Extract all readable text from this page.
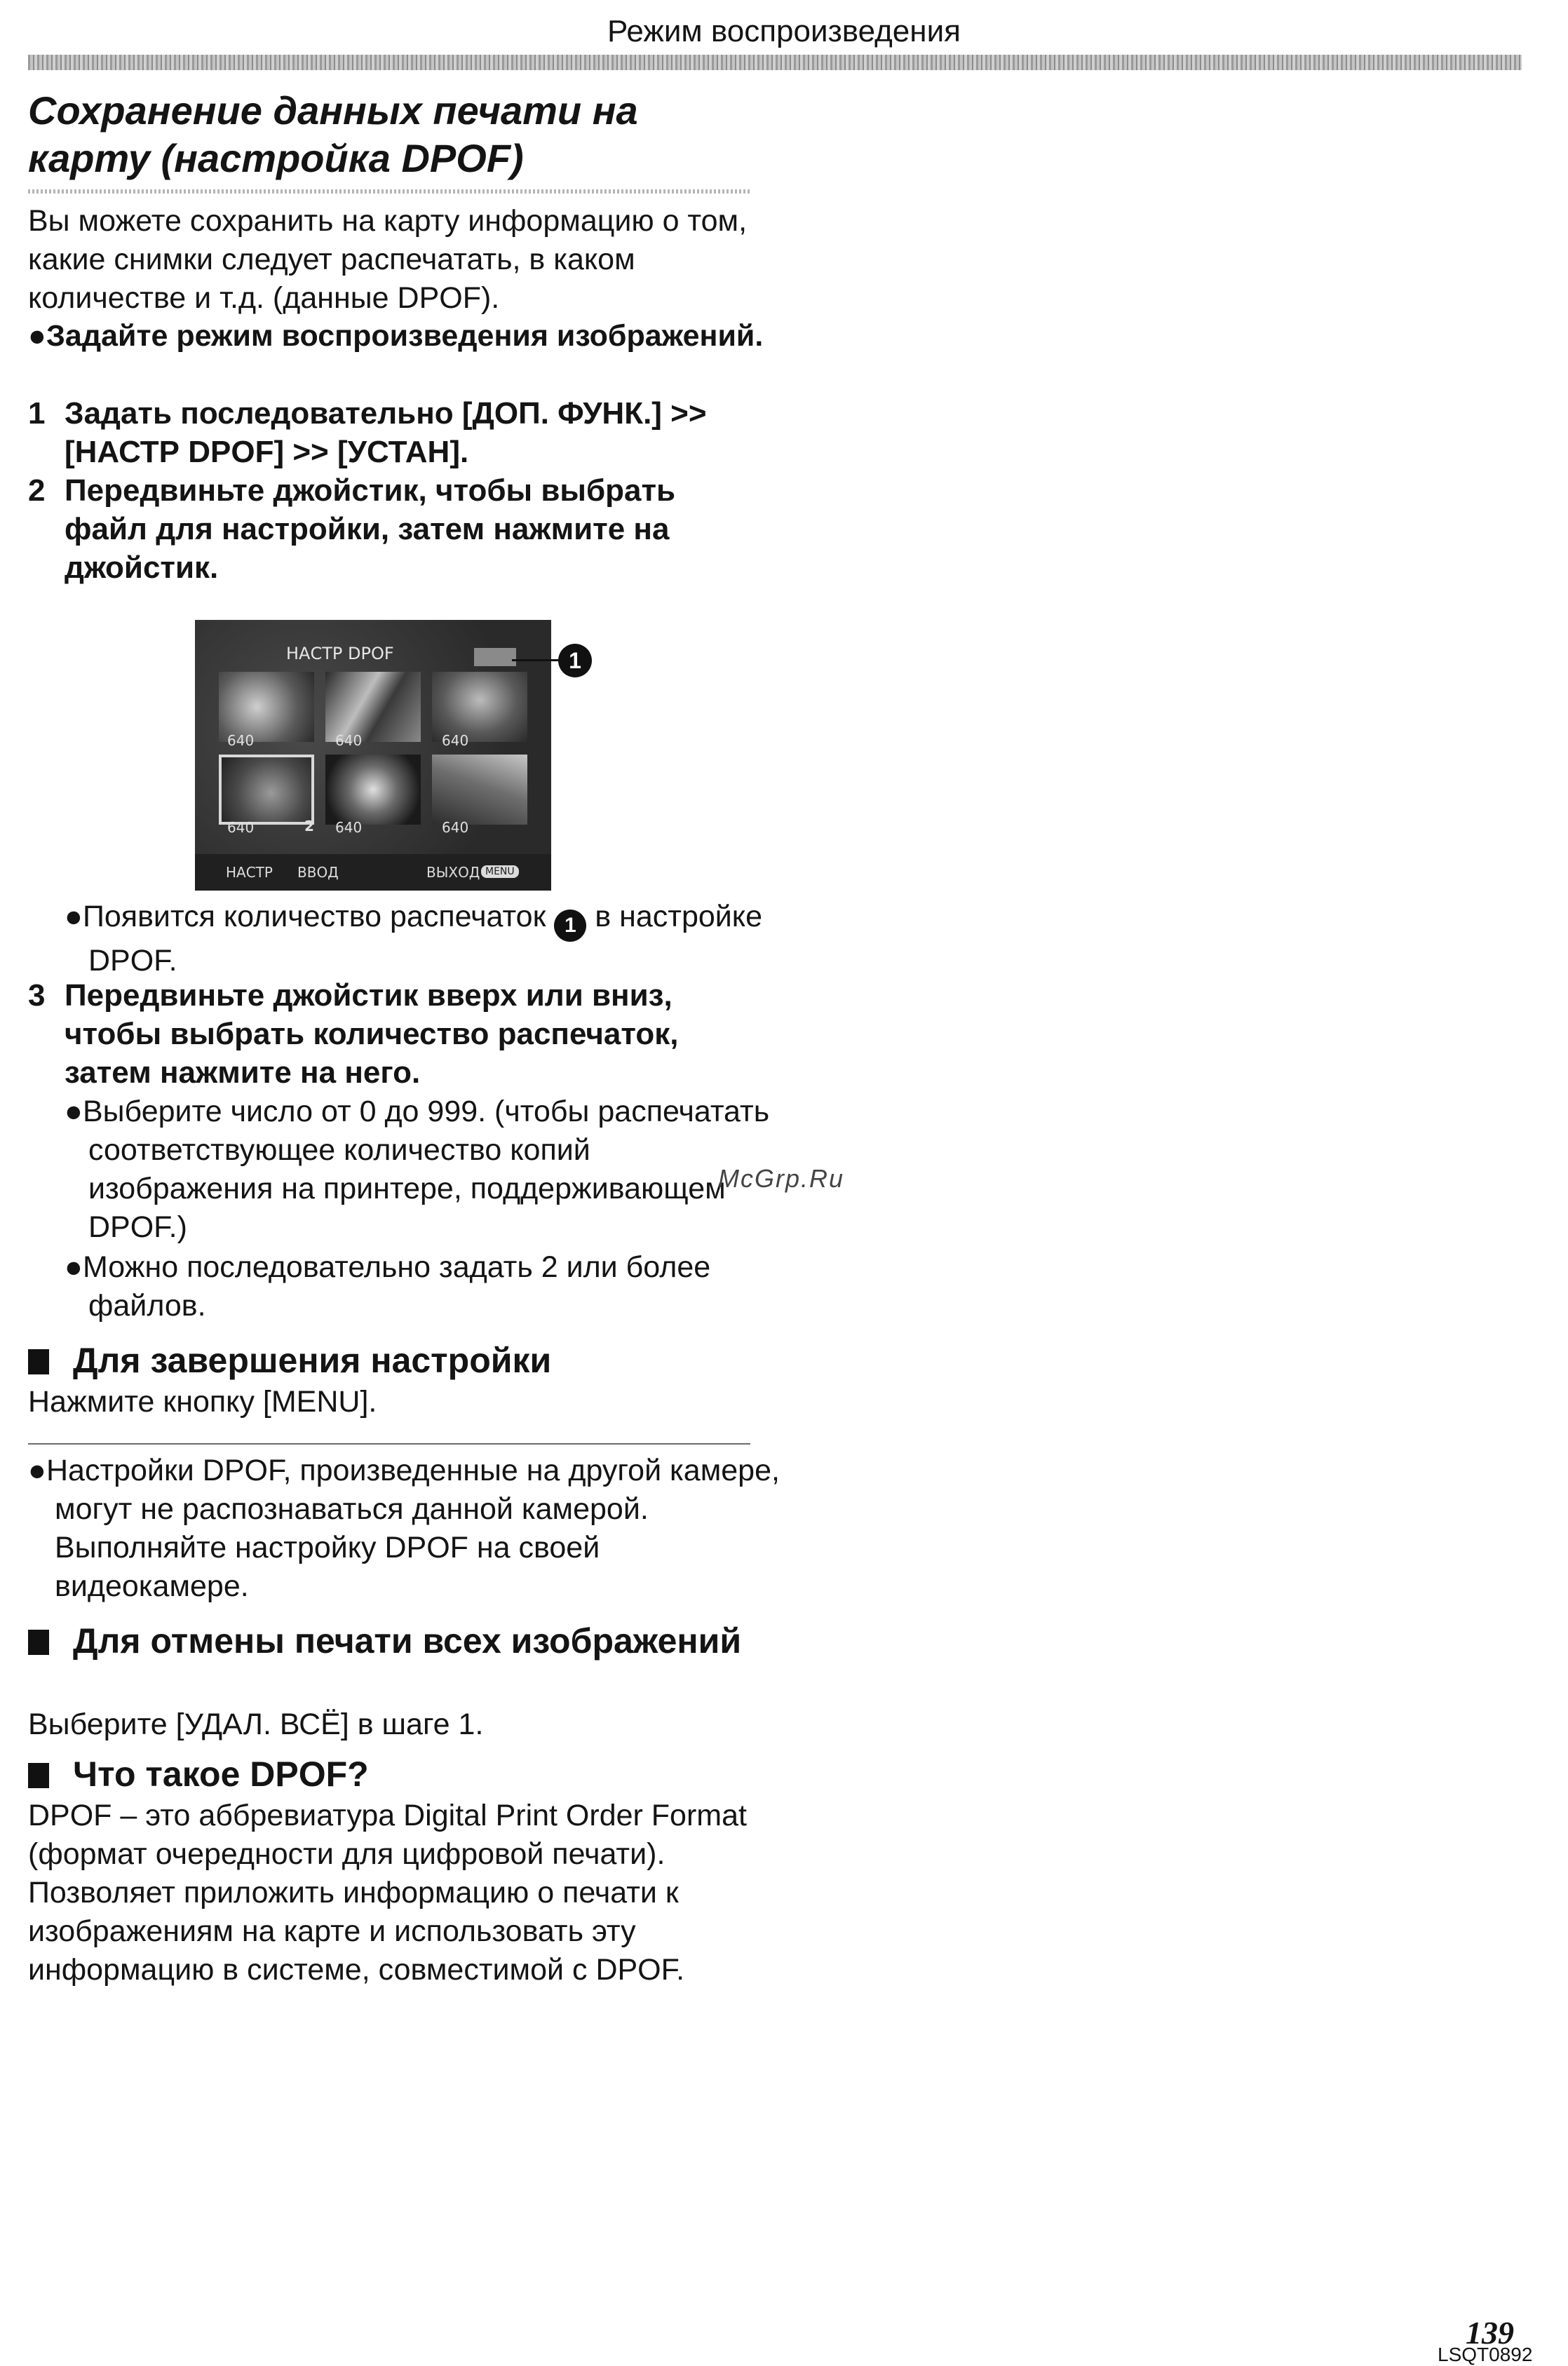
Режим воспроизведения
Сохранение данных печати на карту (настройка DPOF)

Вы можете сохранить на карту информацию о том, какие снимки следует распечатать, в каком количестве и т.д. (данные DPOF).

●Задайте режим воспроизведения изображений.

1 Задать последовательно [ДОП. ФУНК.] >> [НАСТР DPOF] >> [УСТАН].

2 Передвиньте джойстик, чтобы выбрать файл для настройки, затем нажмите на джойстик.

НАСТР DPOF
640	640	640
640	2 640	640
НАСТР ВВОД	ВЫХОД MENU
1

●Появится количество распечаток 1 в настройке DPOF.

3 Передвиньте джойстик вверх или вниз, чтобы выбрать количество распечаток, затем нажмите на него.

●Выберите число от 0 до 999. (чтобы распечатать соответствующее количество копий изображения на принтере, поддерживающем DPOF.)

●Можно последовательно задать 2 или более файлов.

McGrp.Ru
Для завершения настройки

Нажмите кнопку [MENU].

●Настройки DPOF, произведенные на другой камере, могут не распознаваться данной камерой. Выполняйте настройку DPOF на своей видеокамере.

Для отмены печати всех изображений

Выберите [УДАЛ. ВСЁ] в шаге 1.

Что такое DPOF?

DPOF – это аббревиатура Digital Print Order Format (формат очередности для цифровой печати). Позволяет приложить информацию о печати к изображениям на карте и использовать эту информацию в системе, совместимой с DPOF.

139
LSQT0892
